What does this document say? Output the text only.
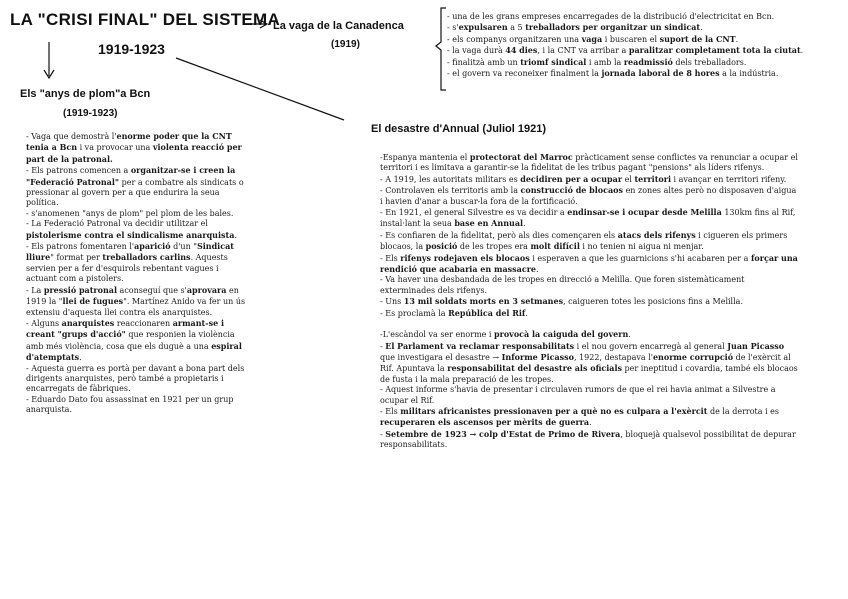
LA "CRISI FINAL" DEL SISTEMA
1919-1923
Els "anys de plom"a Bcn
(1919-1923)
La vaga de la Canadenca
(1919)
El desastre d'Annual (Juliol 1921)

- una de les grans empreses encarregades de la distribució d'electricitat en Bcn.

- s'expulsaren a 5 treballadors per organitzar un sindicat.

- els companys organitzaren una vaga i buscaren el suport de la CNT.

- la vaga durà 44 dies, i la CNT va arribar a paralitzar completament tota la ciutat.

- finalitzà amb un triomf sindical i amb la readmissió dels treballadors.

- el govern va reconeixer finalment la jornada laboral de 8 hores a la indústria.

- Vaga que demostrà l'enorme poder que la CNT tenia a Bcn i va provocar una violenta reacció per part de la patronal.

- Els patrons comencen a organitzar-se i creen la "Federació Patronal" per a combatre als sindicats o pressionar al govern per a que endurira la seua política.

- s'anomenen "anys de plom" pel plom de les bales.

- La Federació Patronal va decidir utilitzar el pistolerisme contra el sindicalisme anarquista.

- Els patrons fomentaren l'aparició d'un "Sindicat lliure" format per treballadors carlins. Aquests servien per a fer d'esquirols rebentant vagues i actuant com a pistolers.

- La pressió patronal aconseguí que s'aprovara en 1919 la "llei de fugues". Martínez Anido va fer un ús extensiu d'aquesta llei contra els anarquistes.

- Alguns anarquistes reaccionaren armant-se i creant "grups d'acció" que responien la violència amb més violència, cosa que els duguè a una espiral d'atemptats.

- Aquesta guerra es portà per davant a bona part dels dirigents anarquistes, però també a propietaris i encarregats de fàbriques.

- Eduardo Dato fou assassinat en 1921 per un grup anarquista.

-Espanya mantenia el protectorat del Marroc pràcticament sense conflictes va renunciar a ocupar el territori i es limitava a garantir-se la fidelitat de les tribus pagant "pensions" als líders rifenys.

- A 1919, les autoritats militars es decidiren per a ocupar el territori i avançar en territori rifeny.

- Controlaven els territoris amb la construcció de blocaos en zones altes però no disposaven d'aigua i havien d'anar a buscar-la fora de la fortificació.

- En 1921, el general Silvestre es va decidir a endinsar-se i ocupar desde Melilla 130km fins al Rif, instal·lant la seua base en Annual.

- Es confiaren de la fidelitat, però als dies començaren els atacs dels rifenys i cigueren els primers blocaos, la posició de les tropes era molt difícil i no tenien ni aigua ni menjar.

- Els rifenys rodejaven els blocaos i esperaven a que les guarnicions s'hi acabaren per a forçar una rendició que acabaria en massacre.

- Va haver una desbandada de les tropes en direcció a Melilla. Que foren sistemàticament exterminades dels rifenys.

- Uns 13 mil soldats morts en 3 setmanes, caigueren totes les posicions fins a Melilla.

- Es proclamà la República del Rif.

-L'escàndol va ser enorme i provocà la caiguda del govern.

- El Parlament va reclamar responsabilitats i el nou govern encarregà al general Juan Picasso que investigara el desastre → Informe Picasso, 1922, destapava l'enorme corrupció de l'exèrcit al Rif. Apuntava la responsabilitat del desastre als oficials per ineptitud i covardia, també els blocaos de fusta i la mala preparació de les tropes.

- Aquest informe s'havia de presentar i circulaven rumors de que el rei havia animat a Silvestre a ocupar el Rif.

- Els militars africanistes pressionaven per a què no es culpara a l'exèrcit de la derrota i es recuperaren els ascensos per mèrits de guerra.

- Setembre de 1923 → colp d'Estat de Primo de Rivera, bloquejà qualsevol possibilitat de depurar responsabilitats.
